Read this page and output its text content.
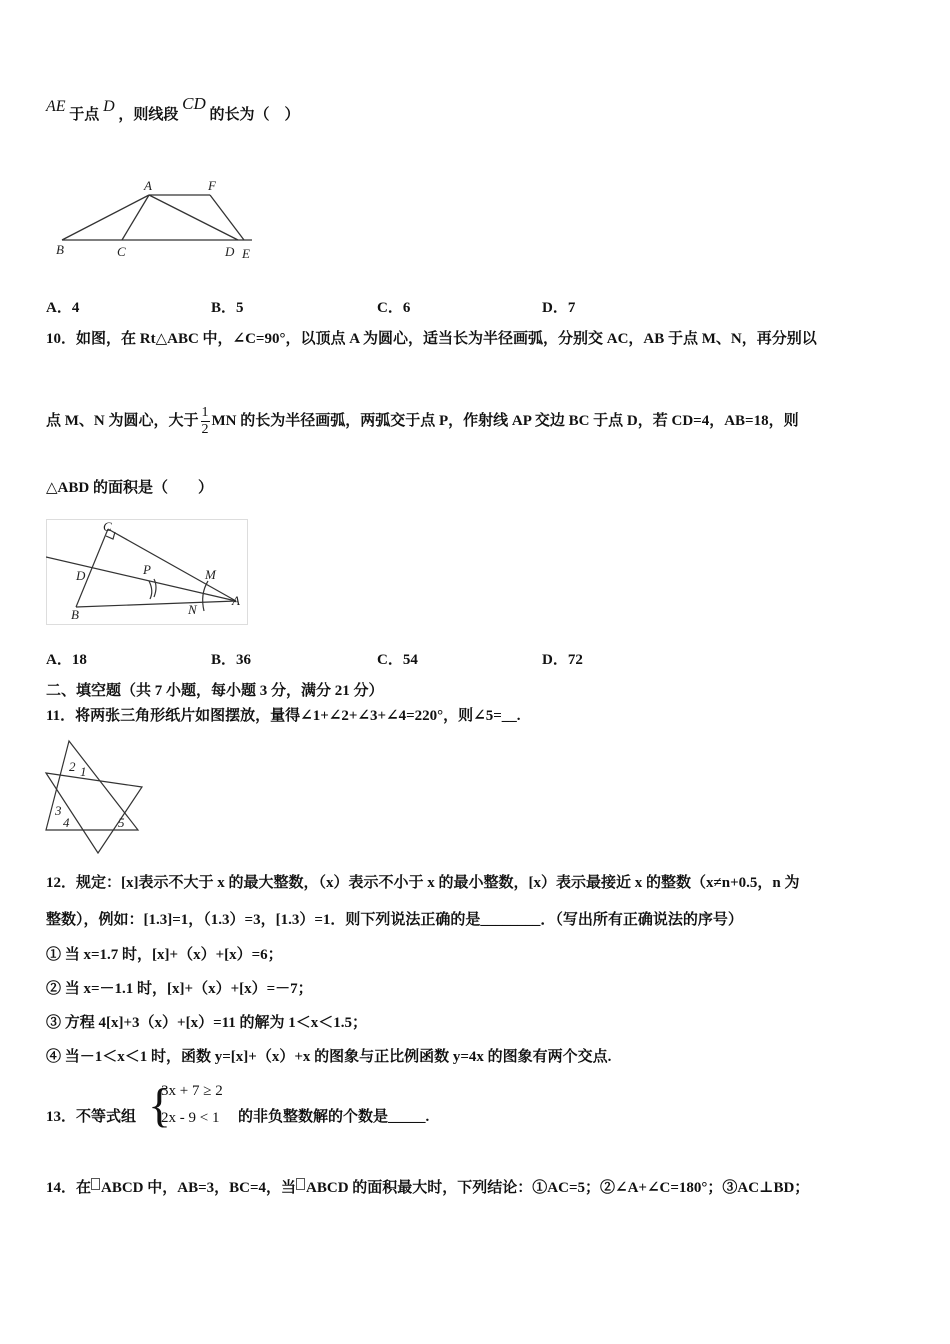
AE 于点 D ，则线段 CD 的长为（　）
A	F
B	C	D E
A．4	B．5	C．6	D．7
10．如图，在 Rt△ABC 中，∠C=90°，以顶点 A 为圆心，适当长为半径画弧，分别交 AC，AB 于点 M、N，再分别以
点 M、N 为圆心，大于 $\frac{1}{2}$ MN 的长为半径画弧，两弧交于点 P，作射线 AP 交边 BC 于点 D，若 CD=4，AB=18，则
△ABD 的面积是（　　）
C
D	P	M
B	N
A
A．18	B．36	C．54	D．72
二、填空题（共 7 小题，每小题 3 分，满分 21 分）
11．将两张三角形纸片如图摆放，量得∠1+∠2+∠3+∠4=220°，则∠5=__.
2 1
3
4	5
12．规定：[x]表示不大于 x 的最大整数，（x）表示不小于 x 的最小整数，[x）表示最接近 x 的整数（x≠n+0.5，n 为
整数），例如：[1.3]=1，（1.3）=3，[1.3）=1．则下列说法正确的是________．（写出所有正确说法的序号）
① 当 x=1.7 时，[x]+（x）+[x）=6；
② 当 x=－1.1 时，[x]+（x）+[x）=－7；
③ 方程 4[x]+3（x）+[x）=11 的解为 1＜x＜1.5；
④ 当－1＜x＜1 时，函数 y=[x]+（x）+x 的图象与正比例函数 y=4x 的图象有两个交点.
13．不等式组 {
3x + 7 ≥ 2
2x - 9 < 1 的非负整数解的个数是_____.
14．在 ABCD 中，AB=3，BC=4，当 ABCD 的面积最大时，下列结论：①AC=5；②∠A+∠C=180°；③AC⊥BD；
